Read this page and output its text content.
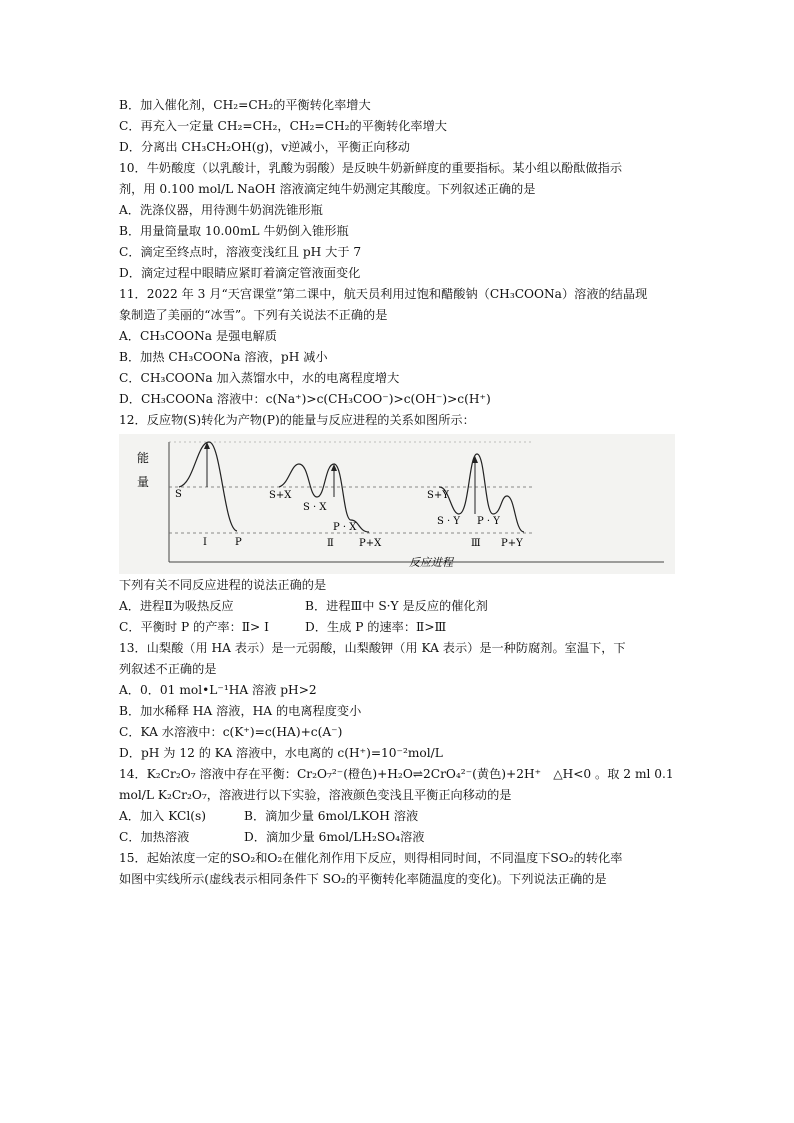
B．加入催化剂，CH₂=CH₂的平衡转化率增大
C．再充入一定量 CH₂=CH₂，CH₂=CH₂的平衡转化率增大
D．分离出 CH₃CH₂OH(g)，v逆减小，平衡正向移动
10．牛奶酸度（以乳酸计，乳酸为弱酸）是反映牛奶新鲜度的重要指标。某小组以酚酞做指示
剂，用 0.100 mol/L NaOH 溶液滴定纯牛奶测定其酸度。下列叙述正确的是
A．洗涤仪器，用待测牛奶润洗锥形瓶
B．用量筒量取 10.00mL 牛奶倒入锥形瓶
C．滴定至终点时，溶液变浅红且 pH 大于 7
D．滴定过程中眼睛应紧盯着滴定管液面变化
11．2022 年 3 月“天宫课堂”第二课中，航天员利用过饱和醋酸钠（CH₃COONa）溶液的结晶现
象制造了美丽的“冰雪”。下列有关说法不正确的是
A．CH₃COONa 是强电解质
B．加热 CH₃COONa 溶液，pH 减小
C．CH₃COONa 加入蒸馏水中，水的电离程度增大
D．CH₃COONa 溶液中：c(Na⁺)>c(CH₃COO⁻)>c(OH⁻)>c(H⁺)
12．反应物(S)转化为产物(P)的能量与反应进程的关系如图所示：
能
量
反应进程
S
I	P
S+X
S · X
P · X
Ⅱ	P+X
S+Y
S · Y P · Y
Ⅲ P+Y
下列有关不同反应进程的说法正确的是
A．进程Ⅱ为吸热反应	B．进程Ⅲ中 S·Y 是反应的催化剂
C．平衡时 P 的产率：Ⅱ> Ⅰ	D．生成 P 的速率：Ⅱ>Ⅲ
13．山梨酸（用 HA 表示）是一元弱酸，山梨酸钾（用 KA 表示）是一种防腐剂。室温下，下
列叙述不正确的是
A．0．01 mol•L⁻¹HA 溶液 pH>2
B．加水稀释 HA 溶液，HA 的电离程度变小
C．KA 水溶液中：c(K⁺)=c(HA)+c(A⁻)
D．pH 为 12 的 KA 溶液中，水电离的 c(H⁺)=10⁻²mol/L
14．K₂Cr₂O₇ 溶液中存在平衡：Cr₂O₇²⁻(橙色)+H₂O⇌2CrO₄²⁻(黄色)+2H⁺　△H<0 。取 2 ml 0.1
mol/L K₂Cr₂O₇，溶液进行以下实验，溶液颜色变浅且平衡正向移动的是
A．加入 KCl(s)	B．滴加少量 6mol/LKOH 溶液
C．加热溶液	D．滴加少量 6mol/LH₂SO₄溶液
15．起始浓度一定的SO₂和O₂在催化剂作用下反应，则得相同时间，不同温度下SO₂的转化率
如图中实线所示(虚线表示相同条件下 SO₂的平衡转化率随温度的变化)。下列说法正确的是
